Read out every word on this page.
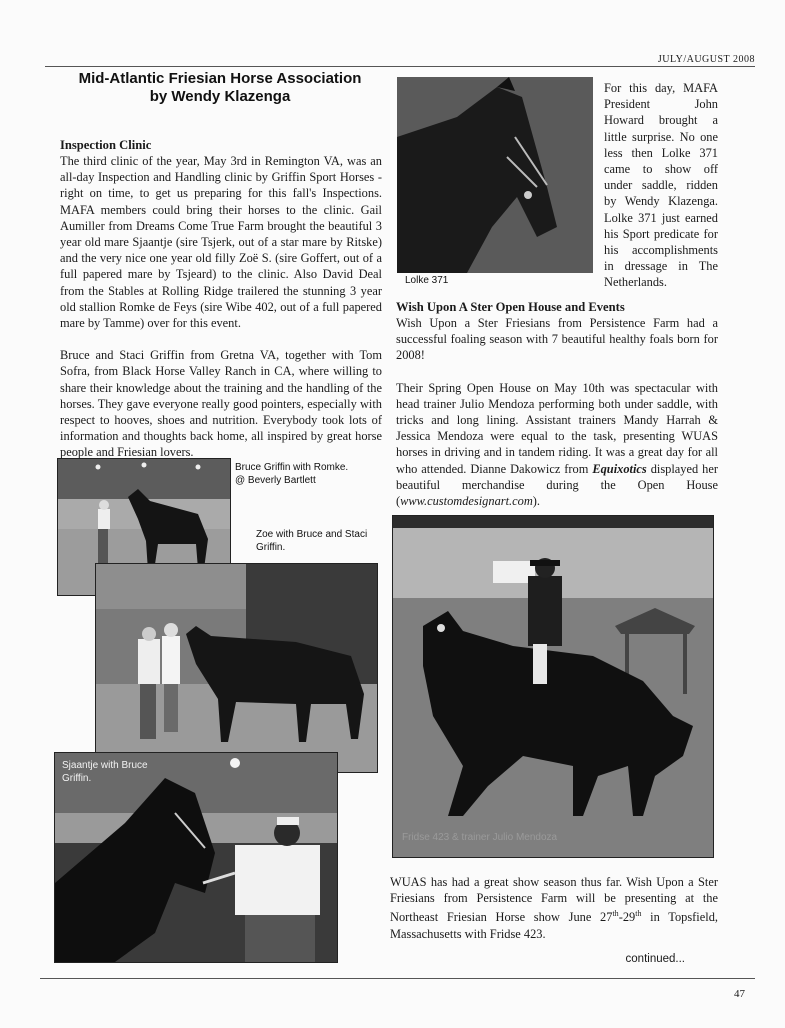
JULY/AUGUST 2008
Mid-Atlantic Friesian Horse Association
by Wendy Klazenga

Inspection Clinic

The third clinic of the year, May 3rd in Remington VA, was an all-day Inspection and Handling clinic by Griffin Sport Horses - right on time, to get us preparing for this fall's Inspections. MAFA members could bring their horses to the clinic. Gail Aumiller from Dreams Come True Farm brought the beautiful 3 year old mare Sjaantje (sire Tsjerk, out of a star mare by Ritske) and the very nice one year old filly Zoë S. (sire Goffert, out of a full papered mare by Tsjeard) to the clinic. Also David Deal from the Stables at Rolling Ridge trailered the stunning 3 year old stallion Romke de Feys (sire Wibe 402, out of a full papered mare by Tamme) over for this event.

Bruce and Staci Griffin from Gretna VA, together with Tom Sofra, from Black Horse Valley Ranch in CA, where willing to share their knowledge about the training and the handling of the horses. They gave everyone really good pointers, especially with respect to hooves, shoes and nutrition. Everybody took lots of information and thoughts back home, all inspired by great horse people and Friesian lovers.

Lolke 371

For this day, MAFA President John Howard brought a little surprise. No one less then Lolke 371 came to show off under saddle, ridden by Wendy Klazenga. Lolke 371 just earned his Sport predicate for his accomplishments in dressage in The Netherlands.

Wish Upon A Ster Open House and Events

Wish Upon a Ster Friesians from Persistence Farm had a successful foaling season with 7 beautiful healthy foals born for 2008!

Their Spring Open House on May 10th was spectacular with head trainer Julio Mendoza performing both under saddle, with tricks and long lining. Assistant trainers Mandy Harrah & Jessica Mendoza were equal to the task, presenting WUAS horses in driving and in tandem riding. It was a great day for all who attended. Dianne Dakowicz from Equixotics displayed her beautiful merchandise during the Open House (www.customdesignart.com).

Bruce Griffin with Romke.
@ Beverly Bartlett
Zoe with Bruce and Staci
Griffin.
Sjaantje with Bruce
Griffin.
Fridse 423 & trainer Julio Mendoza

WUAS has had a great show season thus far. Wish Upon a Ster Friesians from Persistence Farm will be presenting at the Northeast Friesian Horse show June 27th-29th in Topsfield, Massachusetts with Fridse 423.

continued...
47
